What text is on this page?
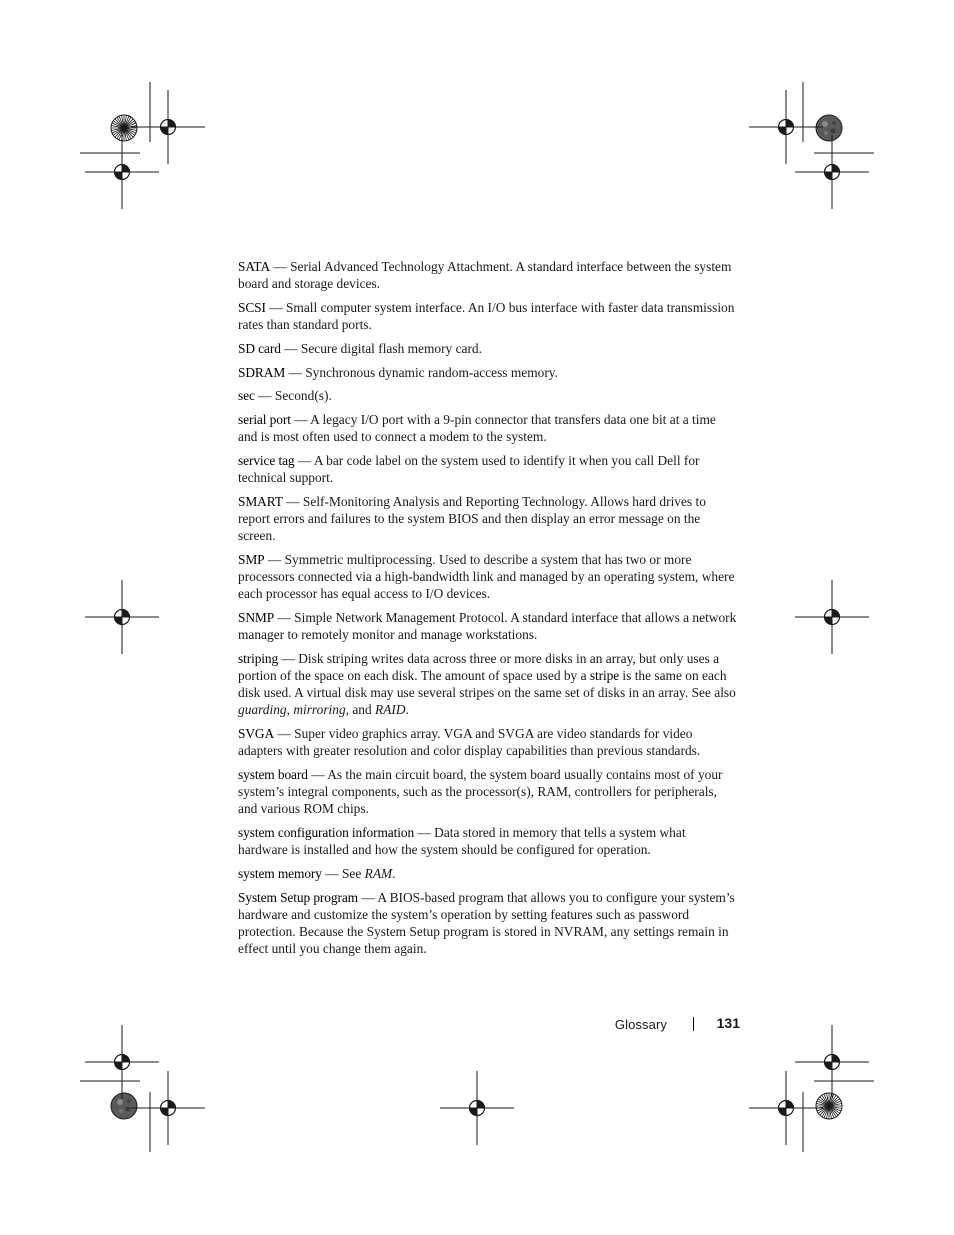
SATA — Serial Advanced Technology Attachment. A standard interface between the system board and storage devices.

SCSI — Small computer system interface. An I/O bus interface with faster data transmission rates than standard ports.

SD card — Secure digital flash memory card.

SDRAM — Synchronous dynamic random-access memory.

sec — Second(s).

serial port — A legacy I/O port with a 9-pin connector that transfers data one bit at a time and is most often used to connect a modem to the system.

service tag — A bar code label on the system used to identify it when you call Dell for technical support.

SMART — Self-Monitoring Analysis and Reporting Technology. Allows hard drives to report errors and failures to the system BIOS and then display an error message on the screen.

SMP — Symmetric multiprocessing. Used to describe a system that has two or more processors connected via a high-bandwidth link and managed by an operating system, where each processor has equal access to I/O devices.

SNMP — Simple Network Management Protocol. A standard interface that allows a network manager to remotely monitor and manage workstations.

striping — Disk striping writes data across three or more disks in an array, but only uses a portion of the space on each disk. The amount of space used by a stripe is the same on each disk used. A virtual disk may use several stripes on the same set of disks in an array. See also guarding, mirroring, and RAID.

SVGA — Super video graphics array. VGA and SVGA are video standards for video adapters with greater resolution and color display capabilities than previous standards.

system board — As the main circuit board, the system board usually contains most of your system’s integral components, such as the processor(s), RAM, controllers for peripherals, and various ROM chips.

system configuration information — Data stored in memory that tells a system what hardware is installed and how the system should be configured for operation.

system memory — See RAM.

System Setup program — A BIOS-based program that allows you to configure your system’s hardware and customize the system’s operation by setting features such as password protection. Because the System Setup program is stored in NVRAM, any settings remain in effect until you change them again.

Glossary	131
